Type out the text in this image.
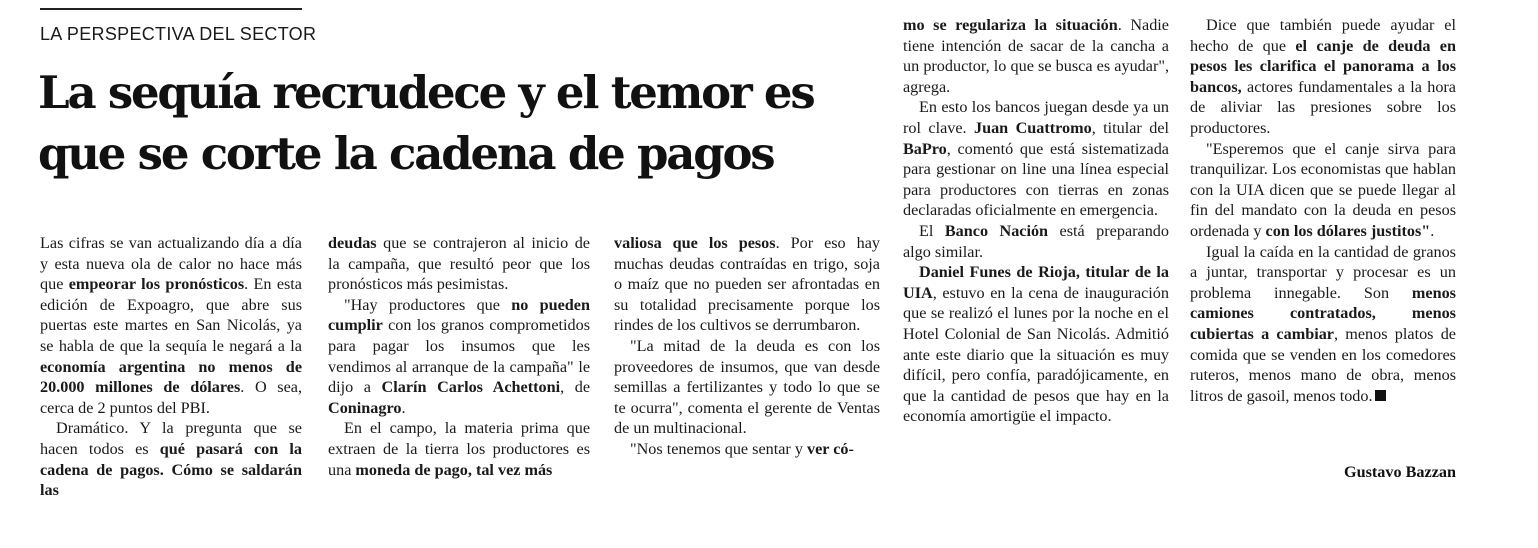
LA PERSPECTIVA DEL SECTOR

La sequía recrudece y el temor es que se corte la cadena de pagos

Las cifras se van actualizando día a día y esta nueva ola de calor no hace más que empeorar los pronósticos. En esta edición de Expoagro, que abre sus puertas este martes en San Nicolás, ya se habla de que la sequía le negará a la economía argentina no menos de 20.000 millones de dólares. O sea, cerca de 2 puntos del PBI.

Dramático. Y la pregunta que se hacen todos es qué pasará con la cadena de pagos. Cómo se saldarán las

deudas que se contrajeron al inicio de la campaña, que resultó peor que los pronósticos más pesimistas.

"Hay productores que no pueden cumplir con los granos comprometidos para pagar los insumos que les vendimos al arranque de la campaña" le dijo a Clarín Carlos Achettoni, de Coninagro.

En el campo, la materia prima que extraen de la tierra los productores es una moneda de pago, tal vez más

valiosa que los pesos. Por eso hay muchas deudas contraídas en trigo, soja o maíz que no pueden ser afrontadas en su totalidad precisamente porque los rindes de los cultivos se derrumbaron.

"La mitad de la deuda es con los proveedores de insumos, que van desde semillas a fertilizantes y todo lo que se te ocurra", comenta el gerente de Ventas de un multinacional.

"Nos tenemos que sentar y ver có-

mo se regulariza la situación. Nadie tiene intención de sacar de la cancha a un productor, lo que se busca es ayudar", agrega.

En esto los bancos juegan desde ya un rol clave. Juan Cuattromo, titular del BaPro, comentó que está sistematizada para gestionar on line una línea especial para productores con tierras en zonas declaradas oficialmente en emergencia.

El Banco Nación está preparando algo similar.

Daniel Funes de Rioja, titular de la UIA, estuvo en la cena de inauguración que se realizó el lunes por la noche en el Hotel Colonial de San Nicolás. Admitió ante este diario que la situación es muy difícil, pero confía, paradójicamente, en que la cantidad de pesos que hay en la economía amortigüe el impacto.

Dice que también puede ayudar el hecho de que el canje de deuda en pesos les clarifica el panorama a los bancos, actores fundamentales a la hora de aliviar las presiones sobre los productores.

"Esperemos que el canje sirva para tranquilizar. Los economistas que hablan con la UIA dicen que se puede llegar al fin del mandato con la deuda en pesos ordenada y con los dólares justitos".

Igual la caída en la cantidad de granos a juntar, transportar y procesar es un problema innegable. Son menos camiones contratados, menos cubiertas a cambiar, menos platos de comida que se venden en los comedores ruteros, menos mano de obra, menos litros de gasoil, menos todo.

Gustavo Bazzan
